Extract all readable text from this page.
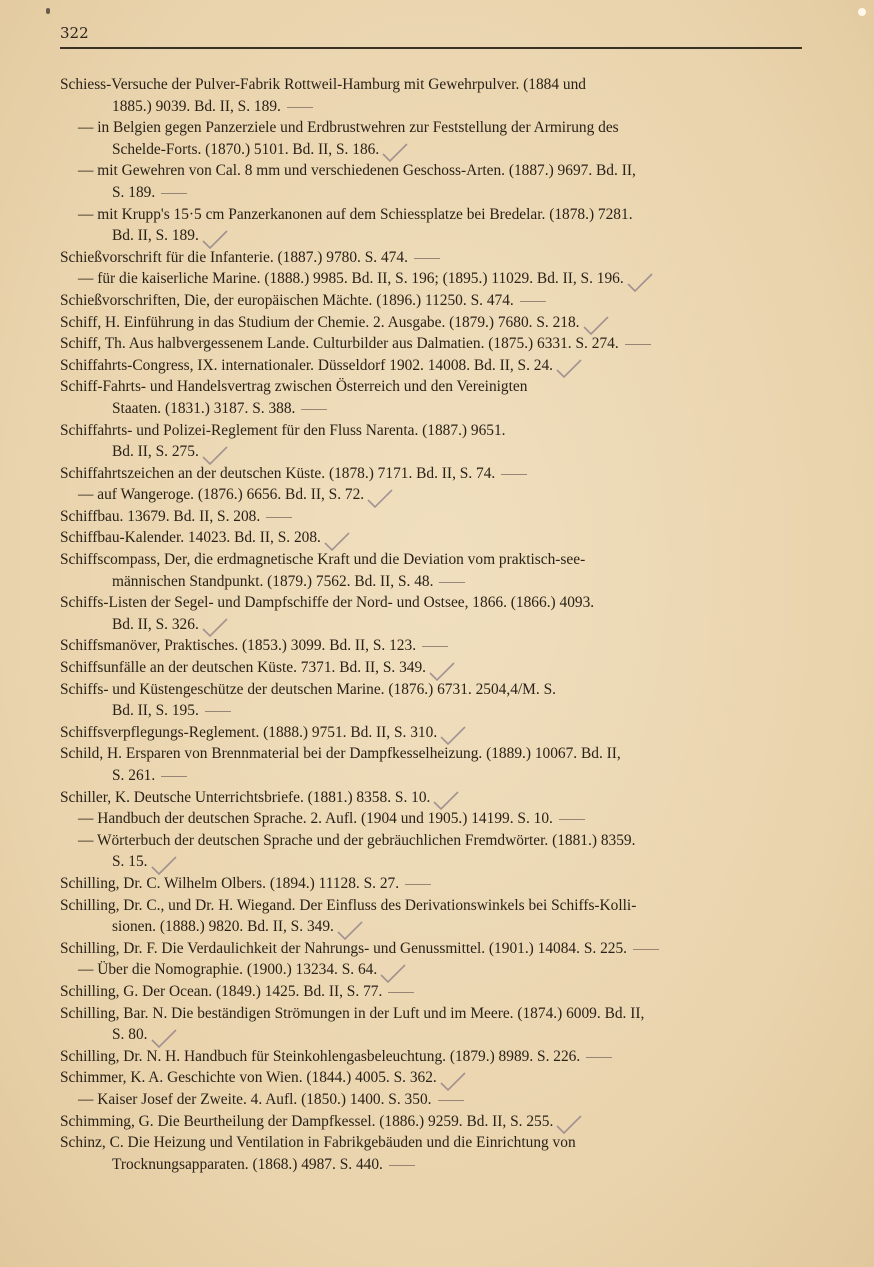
322
Schiess-Versuche der Pulver-Fabrik Rottweil-Hamburg mit Gewehrpulver. (1884 und
1885.) 9039. Bd. II, S. 189.
— in Belgien gegen Panzerziele und Erdbrustwehren zur Feststellung der Armirung des
Schelde-Forts. (1870.) 5101. Bd. II, S. 186.
— mit Gewehren von Cal. 8 mm und verschiedenen Geschoss-Arten. (1887.) 9697. Bd. II,
S. 189.
— mit Krupp's 15·5 cm Panzerkanonen auf dem Schiessplatze bei Bredelar. (1878.) 7281.
Bd. II, S. 189.
Schießvorschrift für die Infanterie. (1887.) 9780. S. 474.
— für die kaiserliche Marine. (1888.) 9985. Bd. II, S. 196; (1895.) 11029. Bd. II, S. 196.
Schießvorschriften, Die, der europäischen Mächte. (1896.) 11250. S. 474.
Schiff, H. Einführung in das Studium der Chemie. 2. Ausgabe. (1879.) 7680. S. 218.
Schiff, Th. Aus halbvergessenem Lande. Culturbilder aus Dalmatien. (1875.) 6331. S. 274.
Schiffahrts-Congress, IX. internationaler. Düsseldorf 1902. 14008. Bd. II, S. 24.
Schiff-Fahrts- und Handelsvertrag zwischen Österreich und den Vereinigten
Staaten. (1831.) 3187. S. 388.
Schiffahrts- und Polizei-Reglement für den Fluss Narenta. (1887.) 9651.
Bd. II, S. 275.
Schiffahrtszeichen an der deutschen Küste. (1878.) 7171. Bd. II, S. 74.
— auf Wangeroge. (1876.) 6656. Bd. II, S. 72.
Schiffbau. 13679. Bd. II, S. 208.
Schiffbau-Kalender. 14023. Bd. II, S. 208.
Schiffscompass, Der, die erdmagnetische Kraft und die Deviation vom praktisch-see-
männischen Standpunkt. (1879.) 7562. Bd. II, S. 48.
Schiffs-Listen der Segel- und Dampfschiffe der Nord- und Ostsee, 1866. (1866.) 4093.
Bd. II, S. 326.
Schiffsmanöver, Praktisches. (1853.) 3099. Bd. II, S. 123.
Schiffsunfälle an der deutschen Küste. 7371. Bd. II, S. 349.
Schiffs- und Küstengeschütze der deutschen Marine. (1876.) 6731. 2504,4/M. S.
Bd. II, S. 195.
Schiffsverpflegungs-Reglement. (1888.) 9751. Bd. II, S. 310.
Schild, H. Ersparen von Brennmaterial bei der Dampfkesselheizung. (1889.) 10067. Bd. II,
S. 261.
Schiller, K. Deutsche Unterrichtsbriefe. (1881.) 8358. S. 10.
— Handbuch der deutschen Sprache. 2. Aufl. (1904 und 1905.) 14199. S. 10.
— Wörterbuch der deutschen Sprache und der gebräuchlichen Fremdwörter. (1881.) 8359.
S. 15.
Schilling, Dr. C. Wilhelm Olbers. (1894.) 11128. S. 27.
Schilling, Dr. C., und Dr. H. Wiegand. Der Einfluss des Derivationswinkels bei Schiffs-Kolli-
sionen. (1888.) 9820. Bd. II, S. 349.
Schilling, Dr. F. Die Verdaulichkeit der Nahrungs- und Genussmittel. (1901.) 14084. S. 225.
— Über die Nomographie. (1900.) 13234. S. 64.
Schilling, G. Der Ocean. (1849.) 1425. Bd. II, S. 77.
Schilling, Bar. N. Die beständigen Strömungen in der Luft und im Meere. (1874.) 6009. Bd. II,
S. 80.
Schilling, Dr. N. H. Handbuch für Steinkohlengasbeleuchtung. (1879.) 8989. S. 226.
Schimmer, K. A. Geschichte von Wien. (1844.) 4005. S. 362.
— Kaiser Josef der Zweite. 4. Aufl. (1850.) 1400. S. 350.
Schimming, G. Die Beurtheilung der Dampfkessel. (1886.) 9259. Bd. II, S. 255.
Schinz, C. Die Heizung und Ventilation in Fabrikgebäuden und die Einrichtung von
Trocknungsapparaten. (1868.) 4987. S. 440.
